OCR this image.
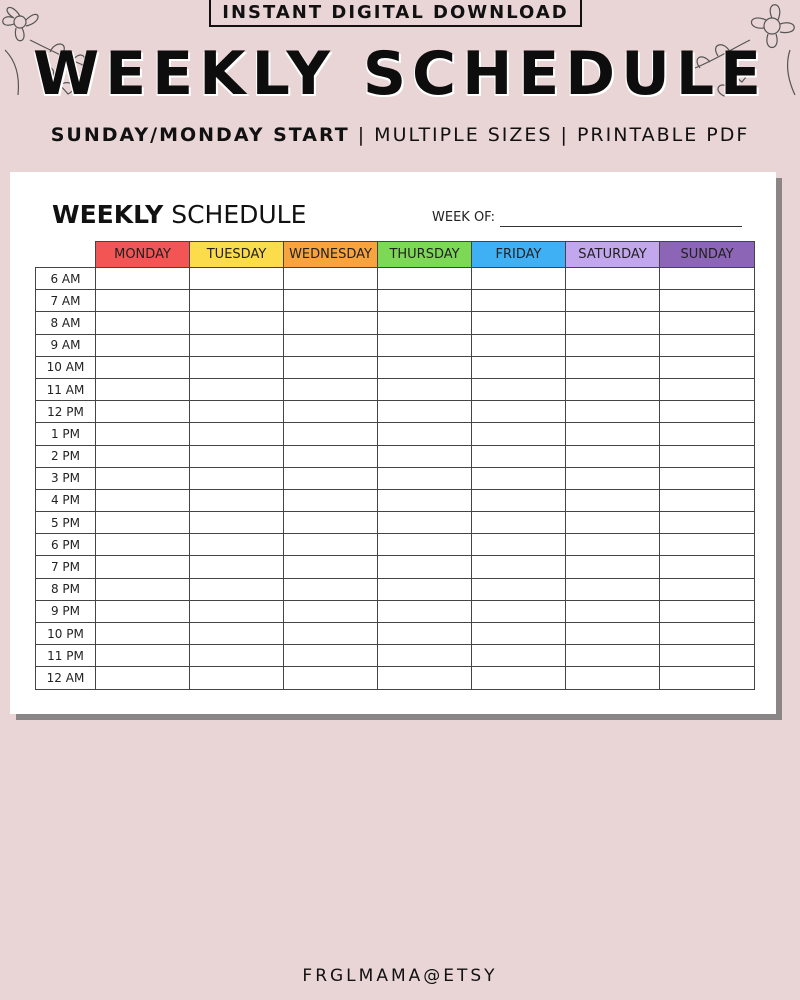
INSTANT DIGITAL DOWNLOAD
WEEKLY SCHEDULE
SUNDAY/MONDAY START | MULTIPLE SIZES | PRINTABLE PDF
WEEKLY SCHEDULE	WEEK OF:
	MONDAY	TUESDAY	WEDNESDAY	THURSDAY	FRIDAY	SATURDAY	SUNDAY
6 AM							
7 AM							
8 AM							
9 AM							
10 AM							
11 AM							
12 PM							
1 PM							
2 PM							
3 PM							
4 PM							
5 PM							
6 PM							
7 PM							
8 PM							
9 PM							
10 PM							
11 PM							
12 AM							
FRGLMAMA@ETSY
